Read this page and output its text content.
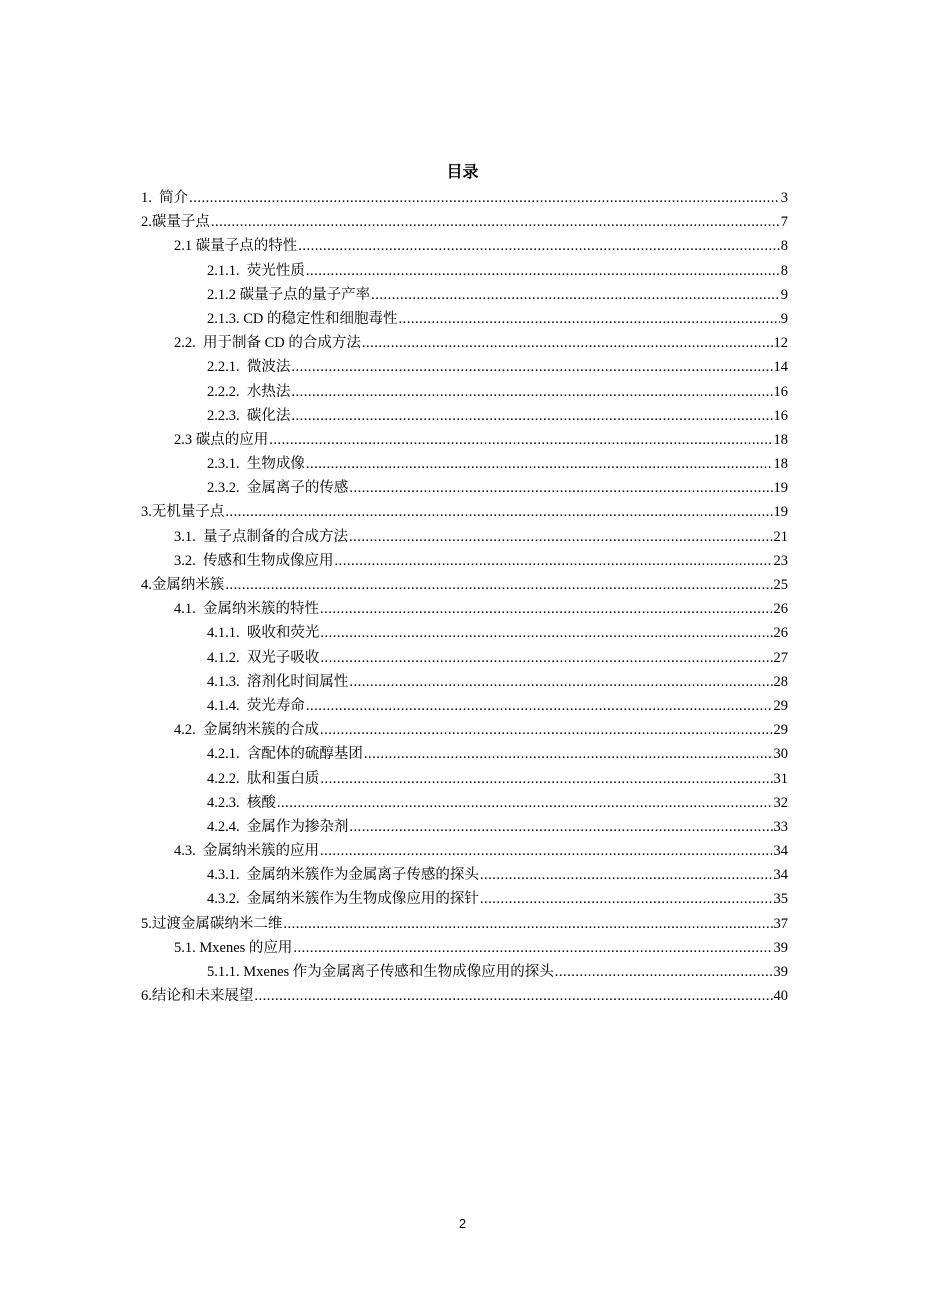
目录
1.  简介 .....	3
2.碳量子点 .....	7
2.1 碳量子点的特性 .....	8
2.1.1.  荧光性质 .....	8
2.1.2 碳量子点的量子产率 .....	9
2.1.3. CD 的稳定性和细胞毒性 .....	9
2.2.  用于制备 CD 的合成方法 .....	12
2.2.1.  微波法 .....	14
2.2.2.  水热法 .....	16
2.2.3.  碳化法 .....	16
2.3 碳点的应用 .....	18
2.3.1.  生物成像 .....	18
2.3.2.  金属离子的传感 .....	19
3.无机量子点 .....	19
3.1.  量子点制备的合成方法 .....	21
3.2.  传感和生物成像应用 .....	23
4.金属纳米簇 .....	25
4.1.  金属纳米簇的特性 .....	26
4.1.1.  吸收和荧光 .....	26
4.1.2.  双光子吸收 .....	27
4.1.3.  溶剂化时间属性 .....	28
4.1.4.  荧光寿命 .....	29
4.2.  金属纳米簇的合成 .....	29
4.2.1.  含配体的硫醇基团 .....	30
4.2.2.  肽和蛋白质 .....	31
4.2.3.  核酸 .....	32
4.2.4.  金属作为掺杂剂 .....	33
4.3.  金属纳米簇的应用 .....	34
4.3.1.  金属纳米簇作为金属离子传感的探头 .....	34
4.3.2.  金属纳米簇作为生物成像应用的探针 .....	35
5.过渡金属碳纳米二维 .....	37
5.1. Mxenes 的应用 .....	39
5.1.1. Mxenes 作为金属离子传感和生物成像应用的探头 .....	39
6.结论和未来展望 .....	40
2
